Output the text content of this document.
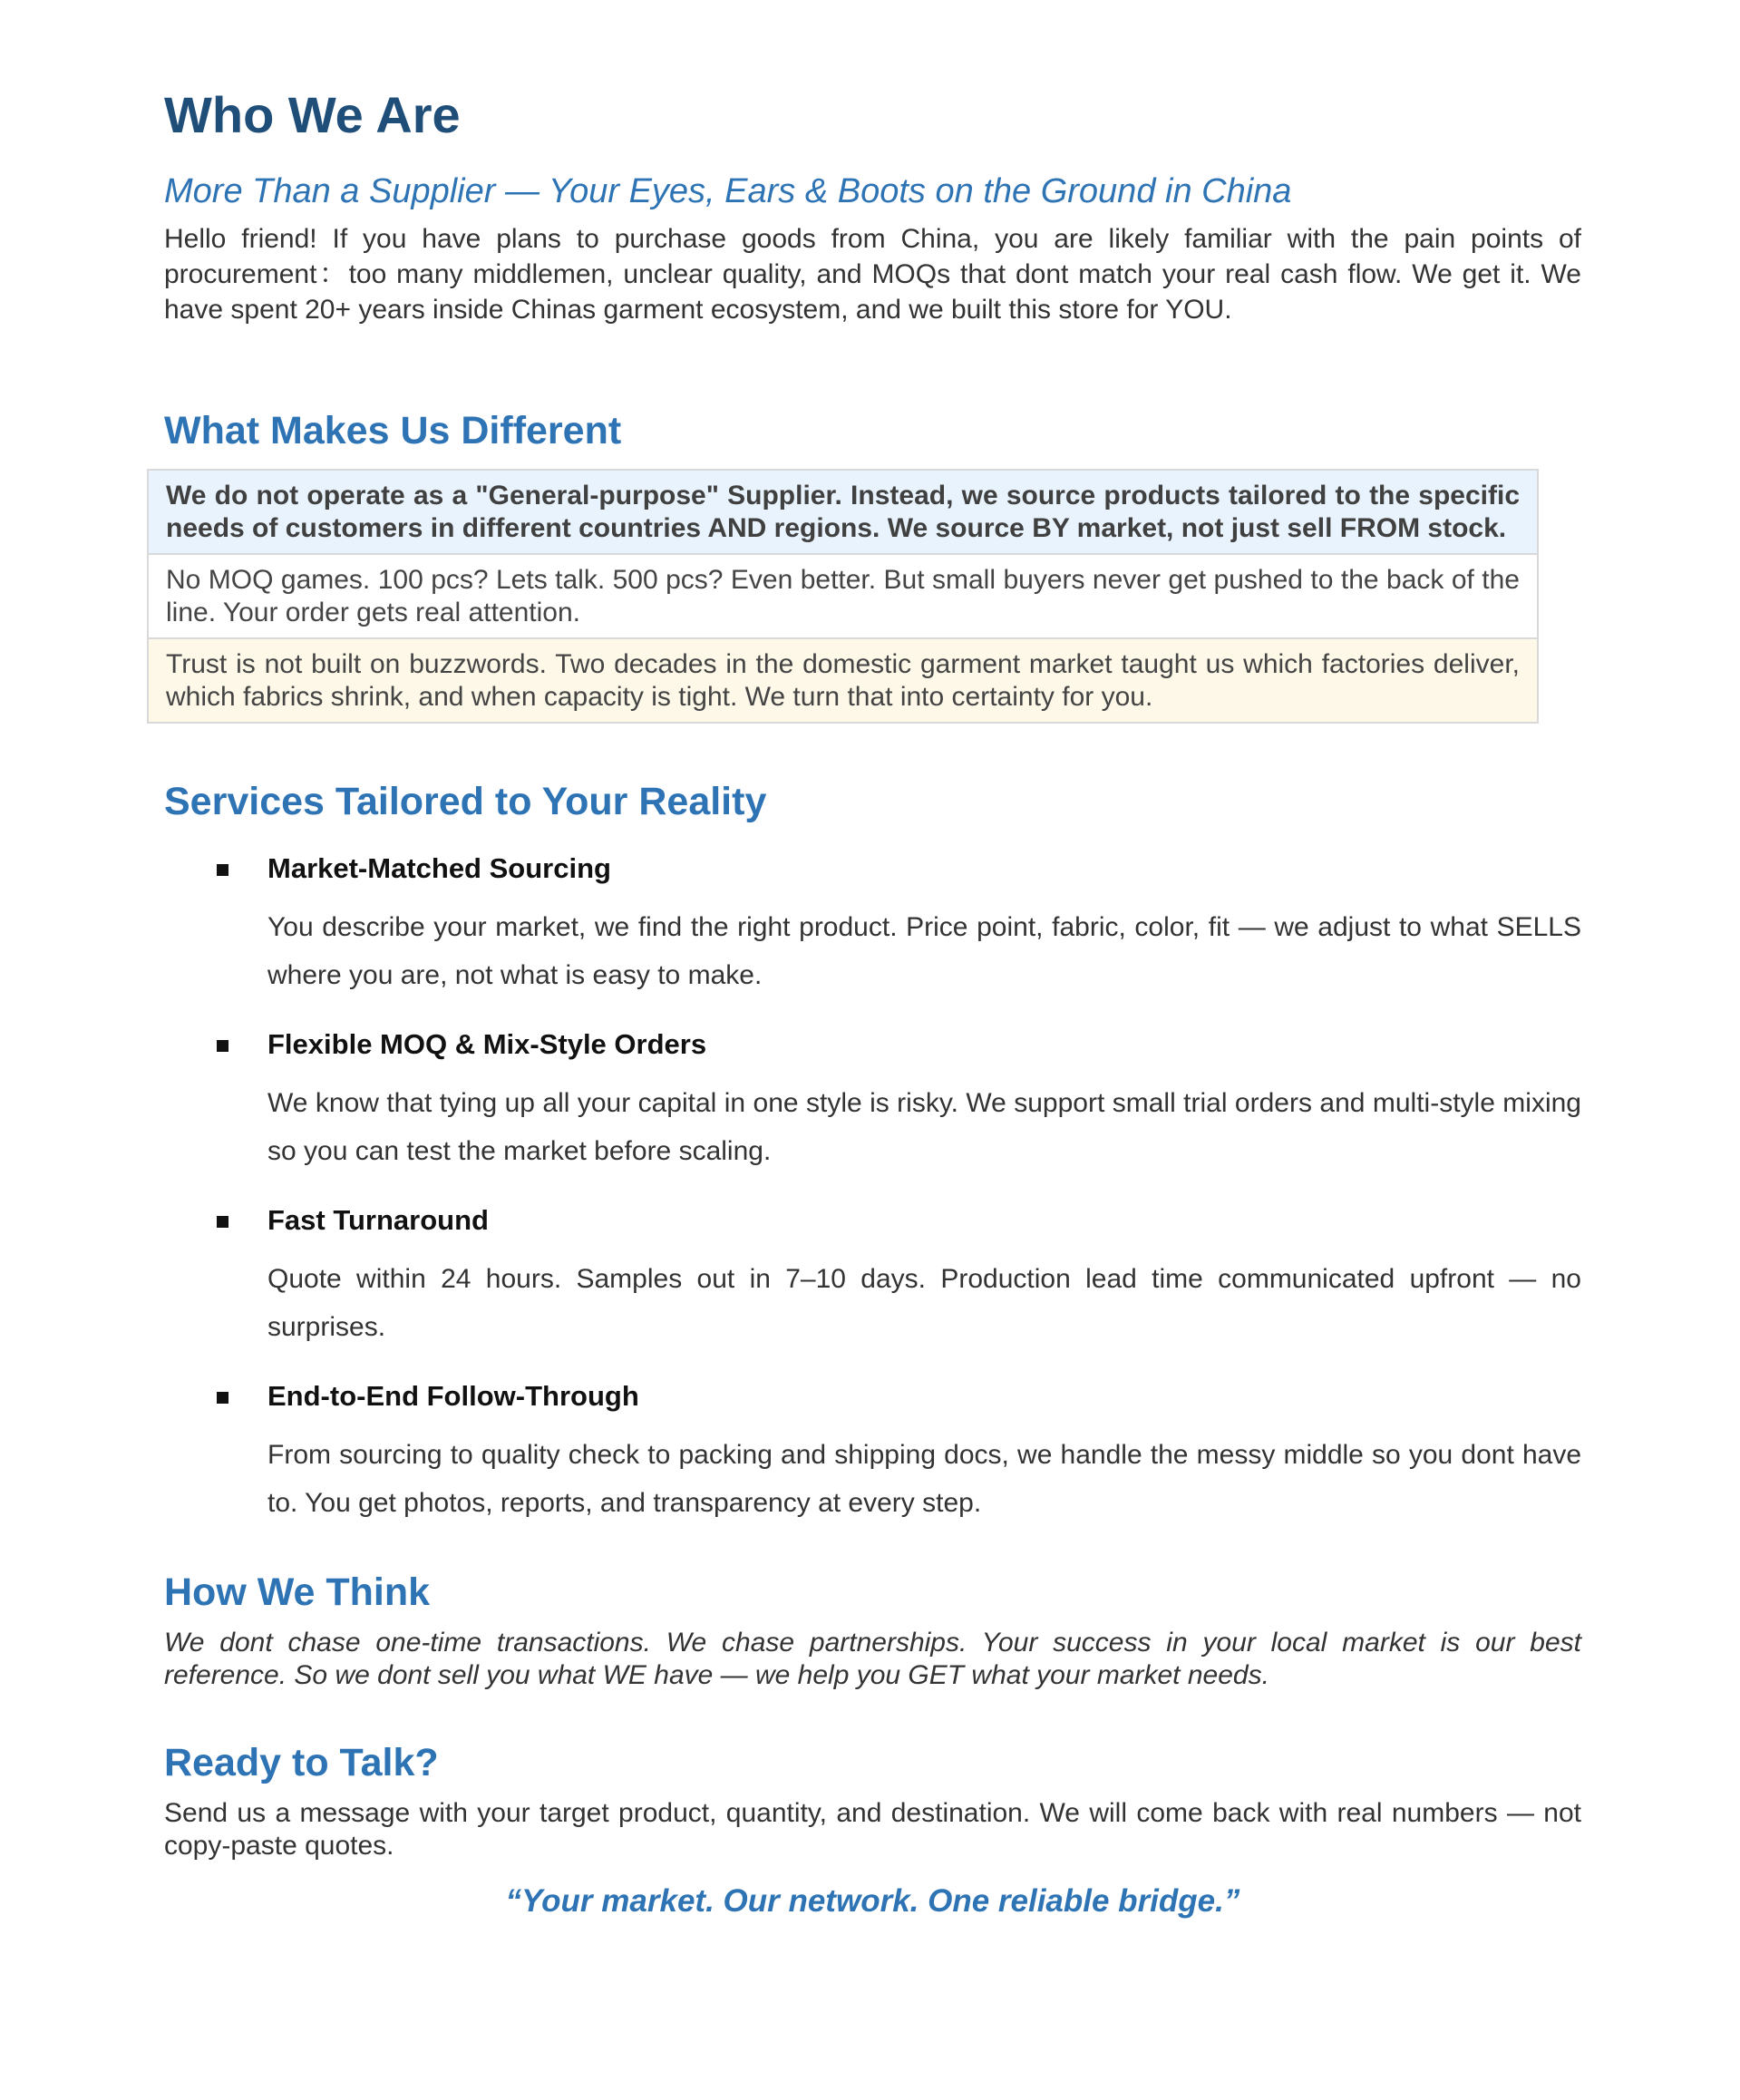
Who We Are
More Than a Supplier — Your Eyes, Ears & Boots on the Ground in China

Hello friend! If you have plans to purchase goods from China, you are likely familiar with the pain points of procurement：too many middlemen, unclear quality, and MOQs that dont match your real cash flow. We get it. We have spent 20+ years inside Chinas garment ecosystem, and we built this store for YOU.

What Makes Us Different
We do not operate as a "General-purpose" Supplier. Instead, we source products tailored to the specific needs of customers in different countries AND regions. We source BY market, not just sell FROM stock.
No MOQ games. 100 pcs? Lets talk. 500 pcs? Even better. But small buyers never get pushed to the back of the line. Your order gets real attention.
Trust is not built on buzzwords. Two decades in the domestic garment market taught us which factories deliver, which fabrics shrink, and when capacity is tight. We turn that into certainty for you.
Services Tailored to Your Reality
Market-Matched Sourcing
You describe your market, we find the right product. Price point, fabric, color, fit — we adjust to what SELLS where you are, not what is easy to make.
Flexible MOQ & Mix-Style Orders
We know that tying up all your capital in one style is risky. We support small trial orders and multi-style mixing so you can test the market before scaling.
Fast Turnaround
Quote within 24 hours. Samples out in 7–10 days. Production lead time communicated upfront — no surprises.
End-to-End Follow-Through
From sourcing to quality check to packing and shipping docs, we handle the messy middle so you dont have to. You get photos, reports, and transparency at every step.
How We Think
We dont chase one-time transactions. We chase partnerships. Your success in your local market is our best reference. So we dont sell you what WE have — we help you GET what your market needs.
Ready to Talk?
Send us a message with your target product, quantity, and destination. We will come back with real numbers — not copy-paste quotes.
“Your market. Our network. One reliable bridge.”
